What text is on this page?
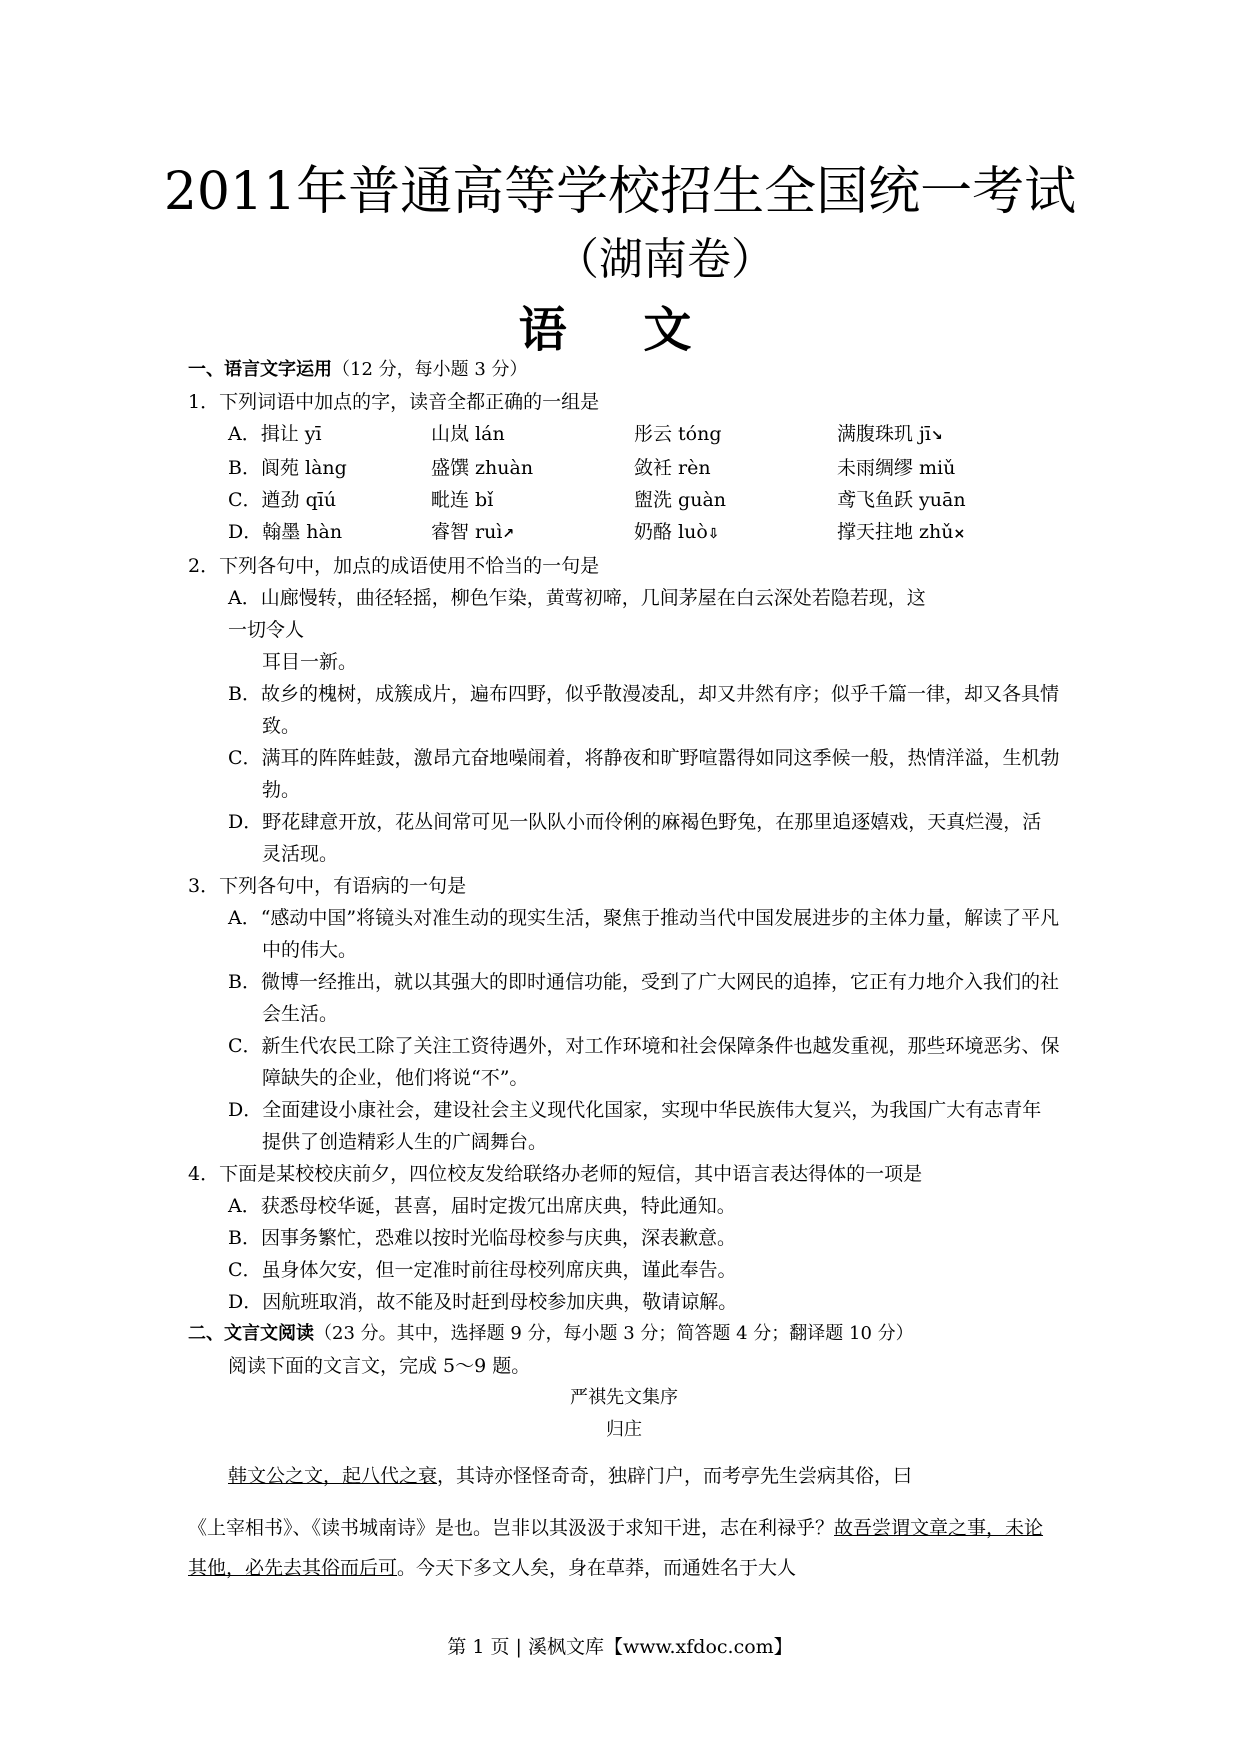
2011年普通高等学校招生全国统一考试
（湖南卷）
语 文
一、语言文字运用（12 分，每小题 3 分）
1．下列词语中加点的字，读音全都正确的一组是
A．揖让 yī	山岚 lán	彤云 tóng	满腹珠玑 jī↘
B．阆苑 làng	盛馔 zhuàn	敛衽 rèn	未雨绸缪 miǔ
C．遒劲 qīú	毗连 bǐ	盥洗 guàn	鸢飞鱼跃 yuān
D．翰墨 hàn	睿智 ruì↗	奶酪 luò⇩	撑天拄地 zhǔ×
2．下列各句中，加点的成语使用不恰当的一句是
A．山廊慢转，曲径轻摇，柳色乍染，黄莺初啼，几间茅屋在白云深处若隐若现，这
一切令人
耳目一新。
B．故乡的槐树，成簇成片，遍布四野，似乎散漫凌乱，却又井然有序；似乎千篇一律，却又各具情致。
C．满耳的阵阵蛙鼓，激昂亢奋地噪闹着，将静夜和旷野喧嚣得如同这季候一般，热情洋溢，生机勃勃。
D．野花肆意开放，花丛间常可见一队队小而伶俐的麻褐色野兔，在那里追逐嬉戏，天真烂漫，活灵活现。
3．下列各句中，有语病的一句是
A．“感动中国”将镜头对准生动的现实生活，聚焦于推动当代中国发展进步的主体力量，解读了平凡中的伟大。
B．微博一经推出，就以其强大的即时通信功能，受到了广大网民的追捧，它正有力地介入我们的社会生活。
C．新生代农民工除了关注工资待遇外，对工作环境和社会保障条件也越发重视，那些环境恶劣、保障缺失的企业，他们将说“不”。
D．全面建设小康社会，建设社会主义现代化国家，实现中华民族伟大复兴，为我国广大有志青年提供了创造精彩人生的广阔舞台。
4．下面是某校校庆前夕，四位校友发给联络办老师的短信，其中语言表达得体的一项是
A．获悉母校华诞，甚喜，届时定拨冗出席庆典，特此通知。
B．因事务繁忙，恐难以按时光临母校参与庆典，深表歉意。
C．虽身体欠安，但一定准时前往母校列席庆典，谨此奉告。
D．因航班取消，故不能及时赶到母校参加庆典，敬请谅解。
二、文言文阅读（23 分。其中，选择题 9 分，每小题 3 分；简答题 4 分；翻译题 10 分）
阅读下面的文言文，完成 5～9 题。
严祺先文集序
归庄
韩文公之文，起八代之衰，其诗亦怪怪奇奇，独辟门户，而考亭先生尝病其俗，曰
《上宰相书》、《读书城南诗》是也。岂非以其汲汲于求知干进，志在利禄乎？故吾尝谓文章之事，未论其他，必先去其俗而后可。今天下多文人矣，身在草莽，而通姓名于大人
第 1 页 | 溪枫文库【www.xfdoc.com】
